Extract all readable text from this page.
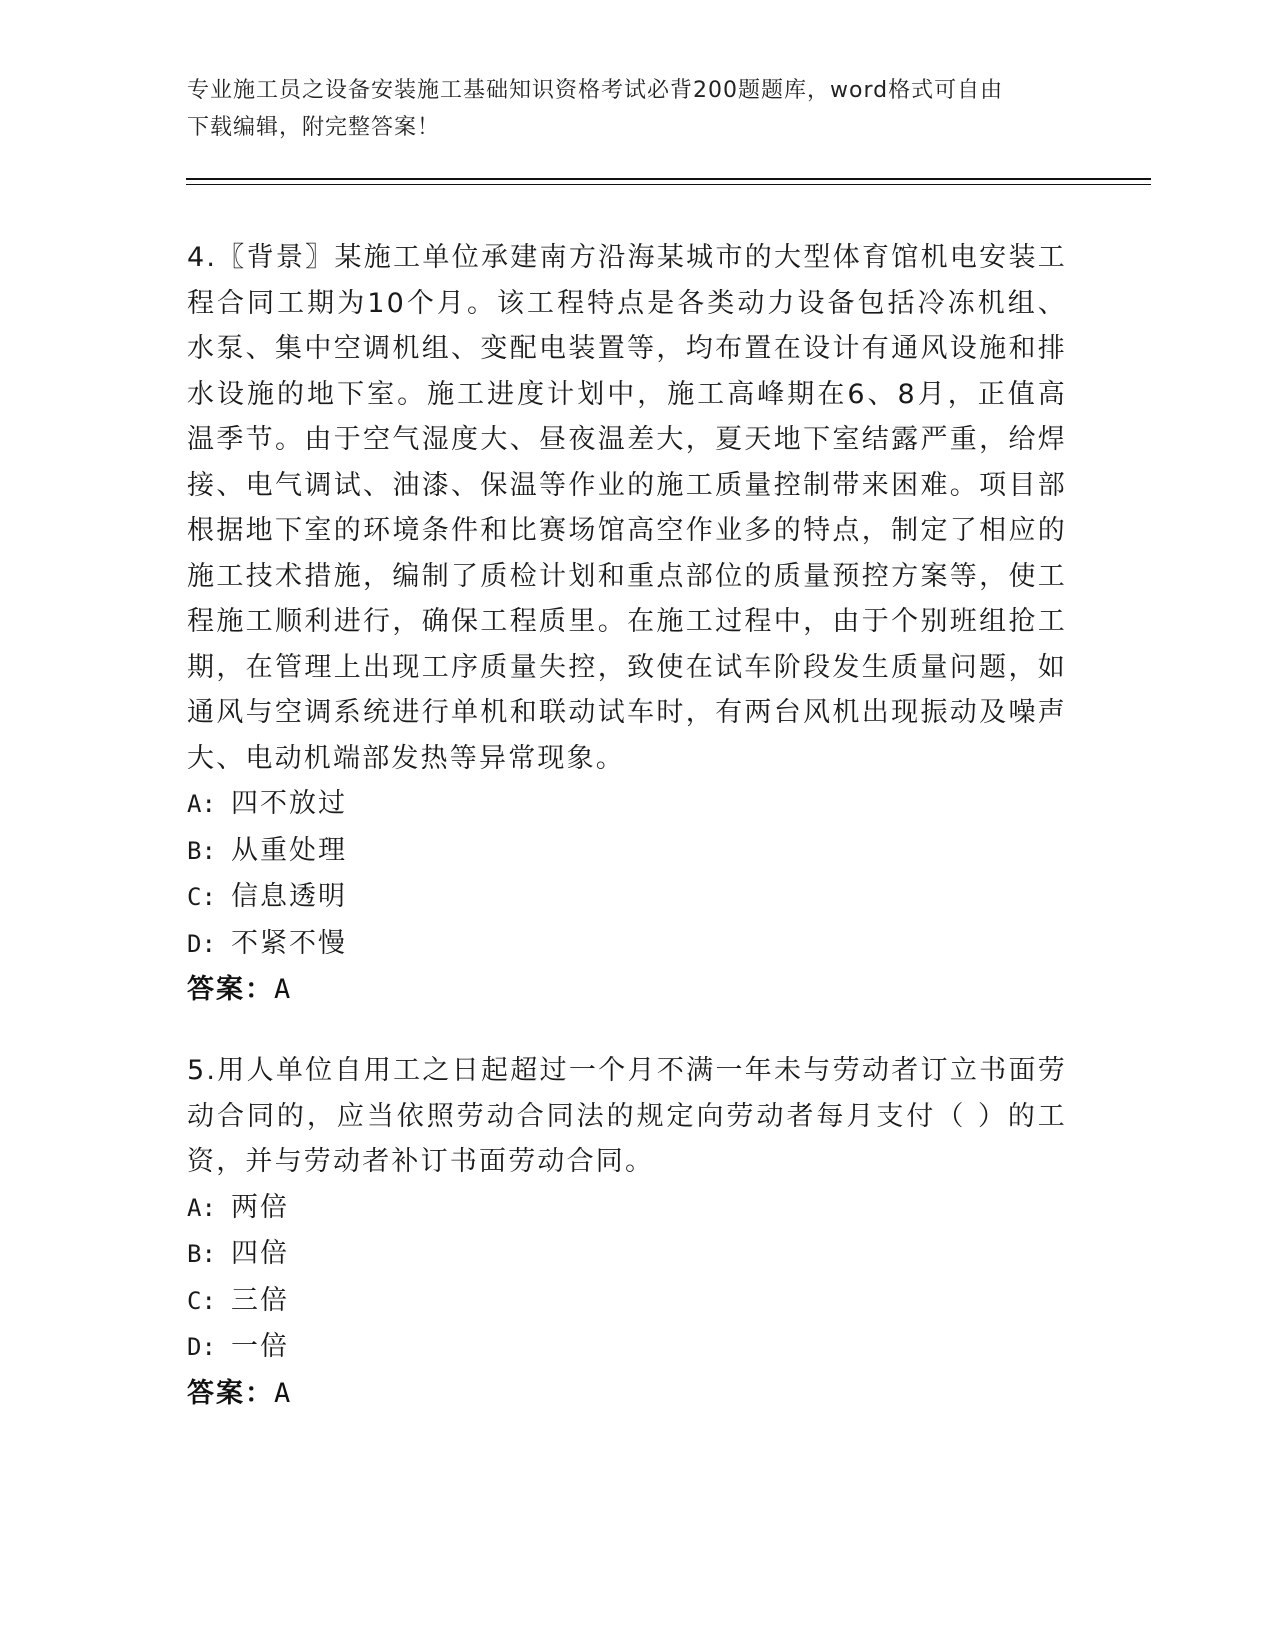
专业施工员之设备安装施工基础知识资格考试必背200题题库，word格式可自由
下载编辑，附完整答案！

4.〖背景〗某施工单位承建南方沿海某城市的大型体育馆机电安装工程合同工期为10个月。该工程特点是各类动力设备包括冷冻机组、水泵、集中空调机组、变配电装置等，均布置在设计有通风设施和排水设施的地下室。施工进度计划中，施工高峰期在6、8月，正值高温季节。由于空气湿度大、昼夜温差大，夏天地下室结露严重，给焊接、电气调试、油漆、保温等作业的施工质量控制带来困难。项目部根据地下室的环境条件和比赛场馆高空作业多的特点，制定了相应的施工技术措施，编制了质检计划和重点部位的质量预控方案等，使工程施工顺利进行，确保工程质里。在施工过程中，由于个别班组抢工期，在管理上出现工序质量失控，致使在试车阶段发生质量问题，如通风与空调系统进行单机和联动试车时，有两台风机出现振动及噪声大、电动机端部发热等异常现象。

A: 四不放过
B: 从重处理
C: 信息透明
D: 不紧不慢
答案：A

5.用人单位自用工之日起超过一个月不满一年未与劳动者订立书面劳动合同的，应当依照劳动合同法的规定向劳动者每月支付（ ）的工资，并与劳动者补订书面劳动合同。

A: 两倍
B: 四倍
C: 三倍
D: 一倍
答案：A
